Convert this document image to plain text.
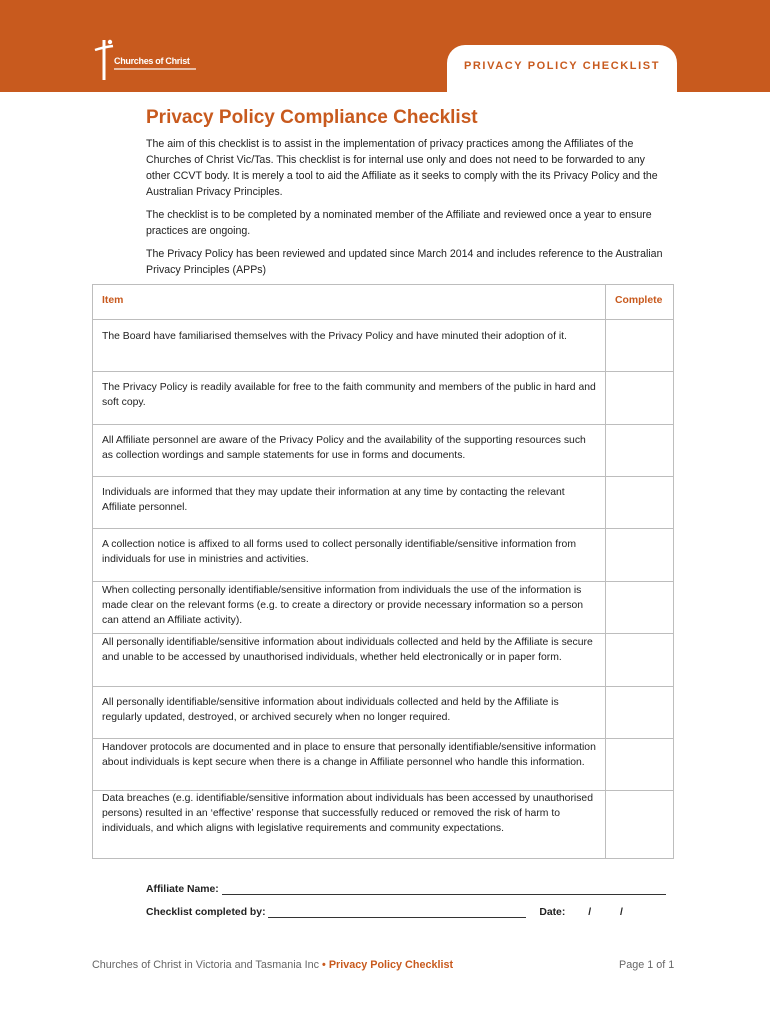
Churches of Christ	PRIVACY POLICY CHECKLIST
Privacy Policy Compliance Checklist

The aim of this checklist is to assist in the implementation of privacy practices among the Affiliates of the Churches of Christ Vic/Tas. This checklist is for internal use only and does not need to be forwarded to any other CCVT body. It is merely a tool to aid the Affiliate as it seeks to comply with the its Privacy Policy and the Australian Privacy Principles.

The checklist is to be completed by a nominated member of the Affiliate and reviewed once a year to ensure practices are ongoing.

The Privacy Policy has been reviewed and updated since March 2014 and includes reference to the Australian Privacy Principles (APPs)

Item	Complete

The Board have familiarised themselves with the Privacy Policy and have minuted their adoption of it.	

The Privacy Policy is readily available for free to the faith community and members of the public in hard and soft copy.	

All Affiliate personnel are aware of the Privacy Policy and the availability of the supporting resources such as collection wordings and sample statements for use in forms and documents.	

Individuals are informed that they may update their information at any time by contacting the relevant Affiliate personnel.	

A collection notice is affixed to all forms used to collect personally identifiable/sensitive information from individuals for use in ministries and activities.	

When collecting personally identifiable/sensitive information from individuals the use of the information is made clear on the relevant forms (e.g. to create a directory or provide necessary information so a person can attend an Affiliate activity).	

All personally identifiable/sensitive information about individuals collected and held by the Affiliate is secure and unable to be accessed by unauthorised individuals, whether held electronically or in paper form.	

All personally identifiable/sensitive information about individuals collected and held by the Affiliate is regularly updated, destroyed, or archived securely when no longer required.	

Handover protocols are documented and in place to ensure that personally identifiable/sensitive information about individuals is kept secure when there is a change in Affiliate personnel who handle this information.	

Data breaches (e.g. identifiable/sensitive information about individuals has been accessed by unauthorised persons) resulted in an ‘effective’ response that successfully reduced or removed the risk of harm to individuals, and which aligns with legislative requirements and community expectations.	

Affiliate Name:
Checklist completed by:	Date: /	/
Churches of Christ in Victoria and Tasmania Inc • Privacy Policy Checklist	Page 1 of 1
